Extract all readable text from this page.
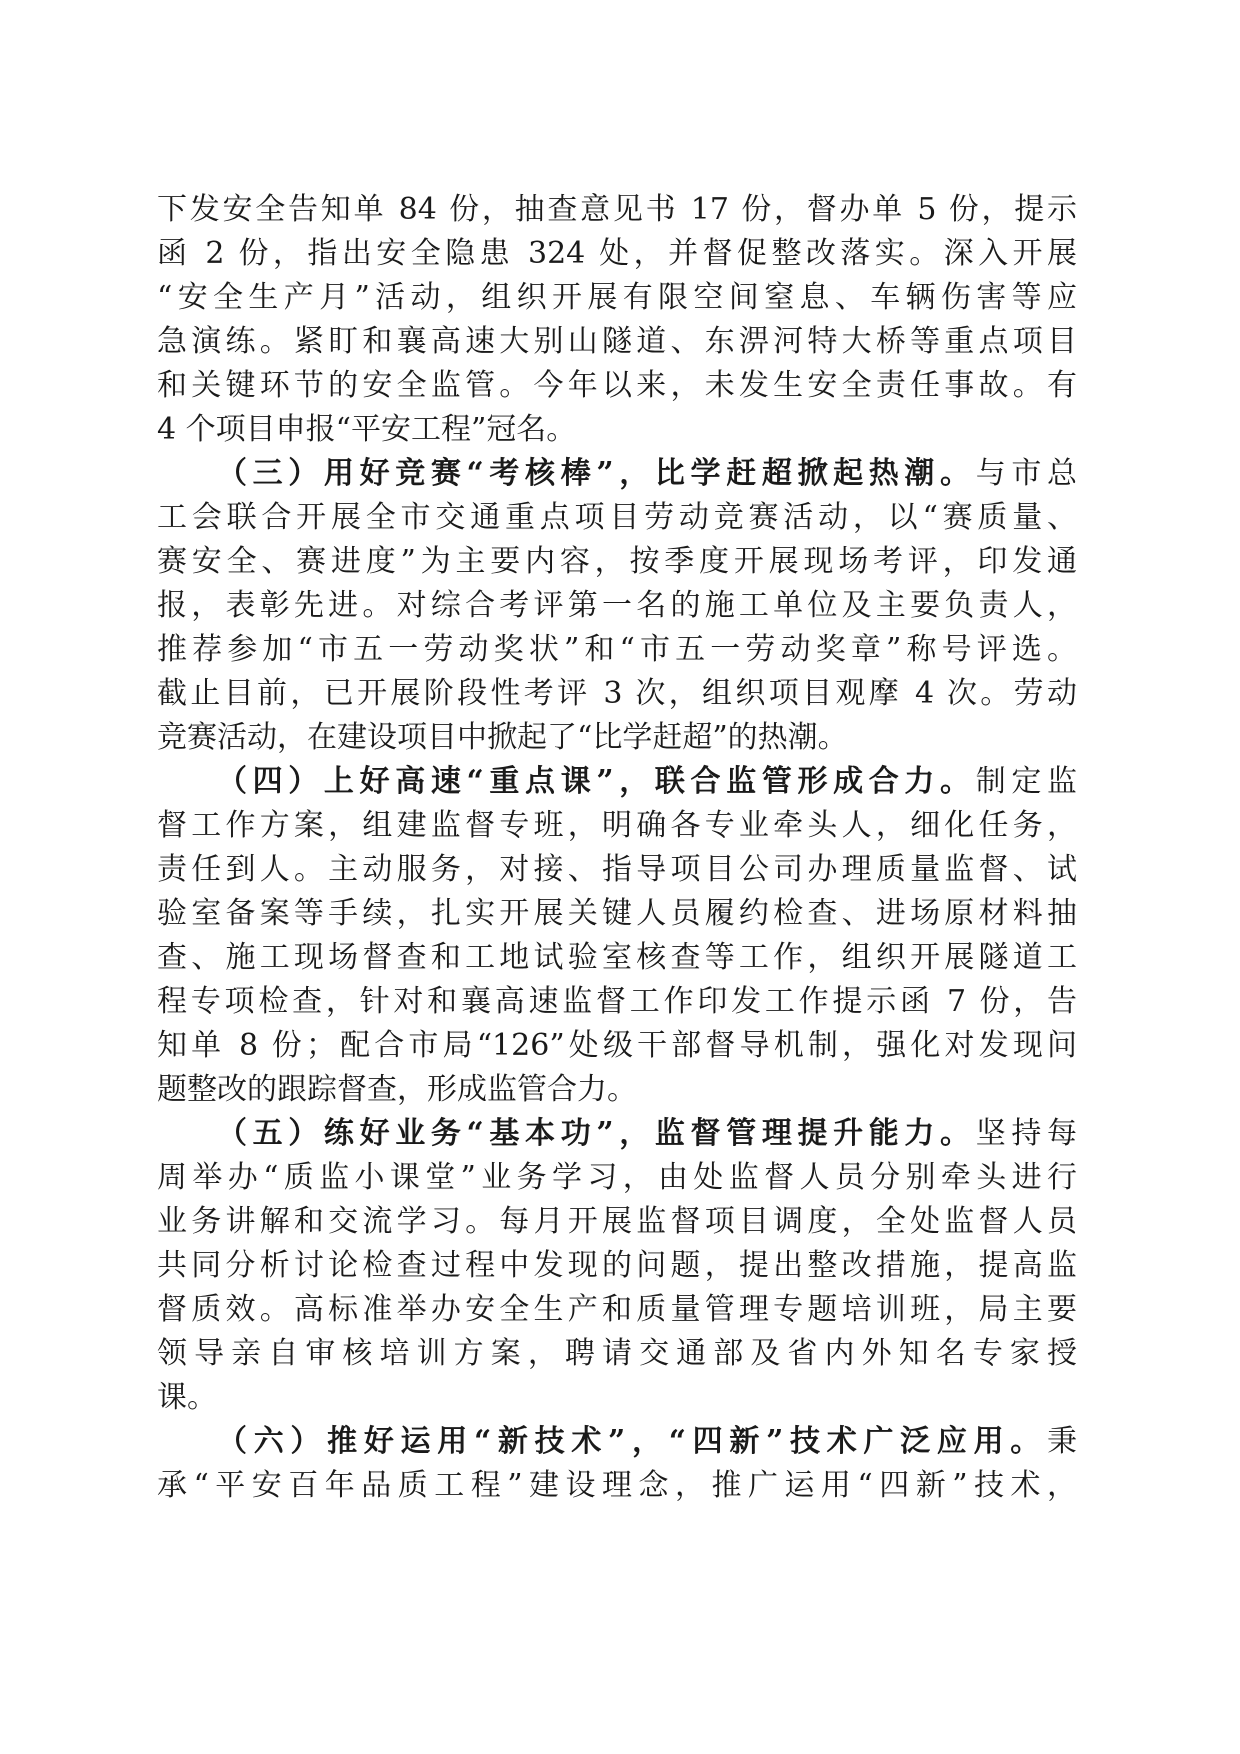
下发安全告知单 84 份，抽查意见书 17 份，督办单 5 份，提示
函 2 份，指出安全隐患 324 处，并督促整改落实。深入开展
“安全生产月”活动，组织开展有限空间窒息、车辆伤害等应
急演练。紧盯和襄高速大别山隧道、东淠河特大桥等重点项目
和关键环节的安全监管。今年以来，未发生安全责任事故。有
4 个项目申报“平安工程”冠名。
（三）用好竞赛“考核棒”，比学赶超掀起热潮。与市总
工会联合开展全市交通重点项目劳动竞赛活动，以“赛质量、
赛安全、赛进度”为主要内容，按季度开展现场考评，印发通
报，表彰先进。对综合考评第一名的施工单位及主要负责人，
推荐参加“市五一劳动奖状”和“市五一劳动奖章”称号评选。
截止目前，已开展阶段性考评 3 次，组织项目观摩 4 次。劳动
竞赛活动，在建设项目中掀起了“比学赶超”的热潮。
（四）上好高速“重点课”，联合监管形成合力。制定监
督工作方案，组建监督专班，明确各专业牵头人，细化任务，
责任到人。主动服务，对接、指导项目公司办理质量监督、试
验室备案等手续，扎实开展关键人员履约检查、进场原材料抽
查、施工现场督查和工地试验室核查等工作，组织开展隧道工
程专项检查，针对和襄高速监督工作印发工作提示函 7 份，告
知单 8 份；配合市局“126”处级干部督导机制，强化对发现问
题整改的跟踪督查，形成监管合力。
（五）练好业务“基本功”，监督管理提升能力。坚持每
周举办“质监小课堂”业务学习，由处监督人员分别牵头进行
业务讲解和交流学习。每月开展监督项目调度，全处监督人员
共同分析讨论检查过程中发现的问题，提出整改措施，提高监
督质效。高标准举办安全生产和质量管理专题培训班，局主要
领导亲自审核培训方案，聘请交通部及省内外知名专家授
课。
（六）推好运用“新技术”，“四新”技术广泛应用。秉
承“平安百年品质工程”建设理念，推广运用“四新”技术，
